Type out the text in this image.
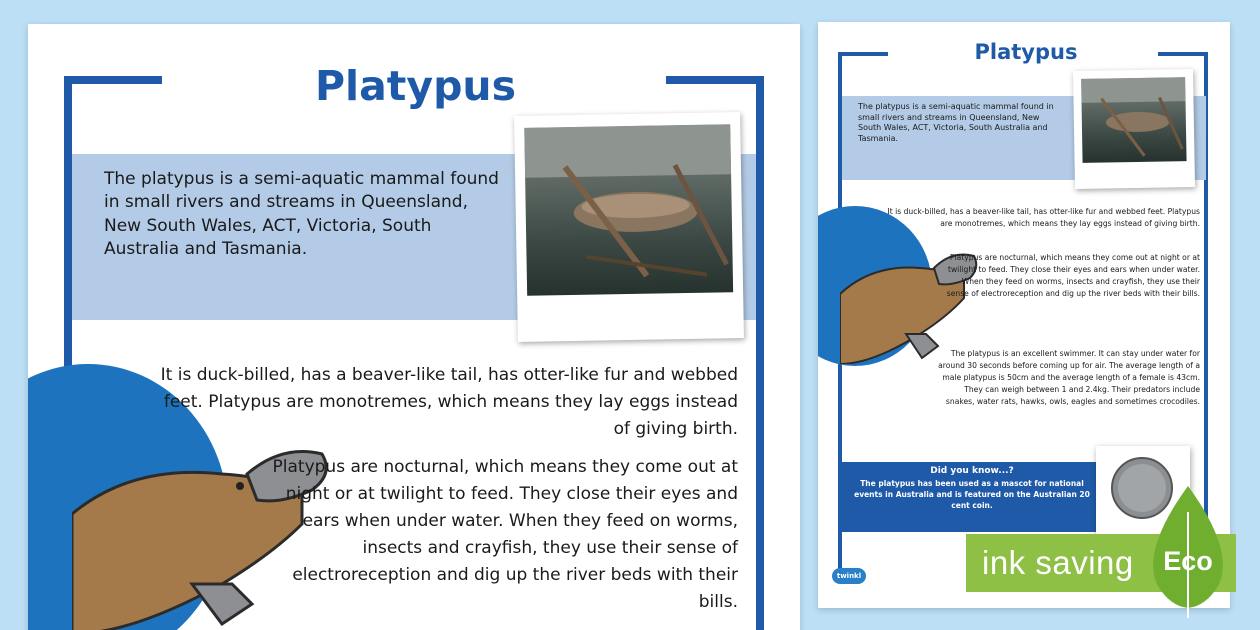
Platypus
The platypus is a semi-aquatic mammal found in small rivers and streams in Queensland, New South Wales, ACT, Victoria, South Australia and Tasmania.
It is duck-billed, has a beaver-like tail, has otter-like fur and webbed feet. Platypus are monotremes, which means they lay eggs instead of giving birth.
Platypus are nocturnal, which means they come out at night or at twilight to feed. They close their eyes and ears when under water. When they feed on worms, insects and crayfish, they use their sense of electroreception and dig up the river beds with their bills.
Platypus
The platypus is a semi-aquatic mammal found in small rivers and streams in Queensland, New South Wales, ACT, Victoria, South Australia and Tasmania.
It is duck-billed, has a beaver-like tail, has otter-like fur and webbed feet. Platypus are monotremes, which means they lay eggs instead of giving birth.
Platypus are nocturnal, which means they come out at night or at twilight to feed. They close their eyes and ears when under water. When they feed on worms, insects and crayfish, they use their sense of electroreception and dig up the river beds with their bills.
The platypus is an excellent swimmer. It can stay under water for around 30 seconds before coming up for air. The average length of a male platypus is 50cm and the average length of a female is 43cm. They can weigh between 1 and 2.4kg. Their predators include snakes, water rats, hawks, owls, eagles and sometimes crocodiles.
Did you know...?
The platypus has been used as a mascot for national events in Australia and is featured on the Australian 20 cent coin.
twinkl	ink saving Eco
